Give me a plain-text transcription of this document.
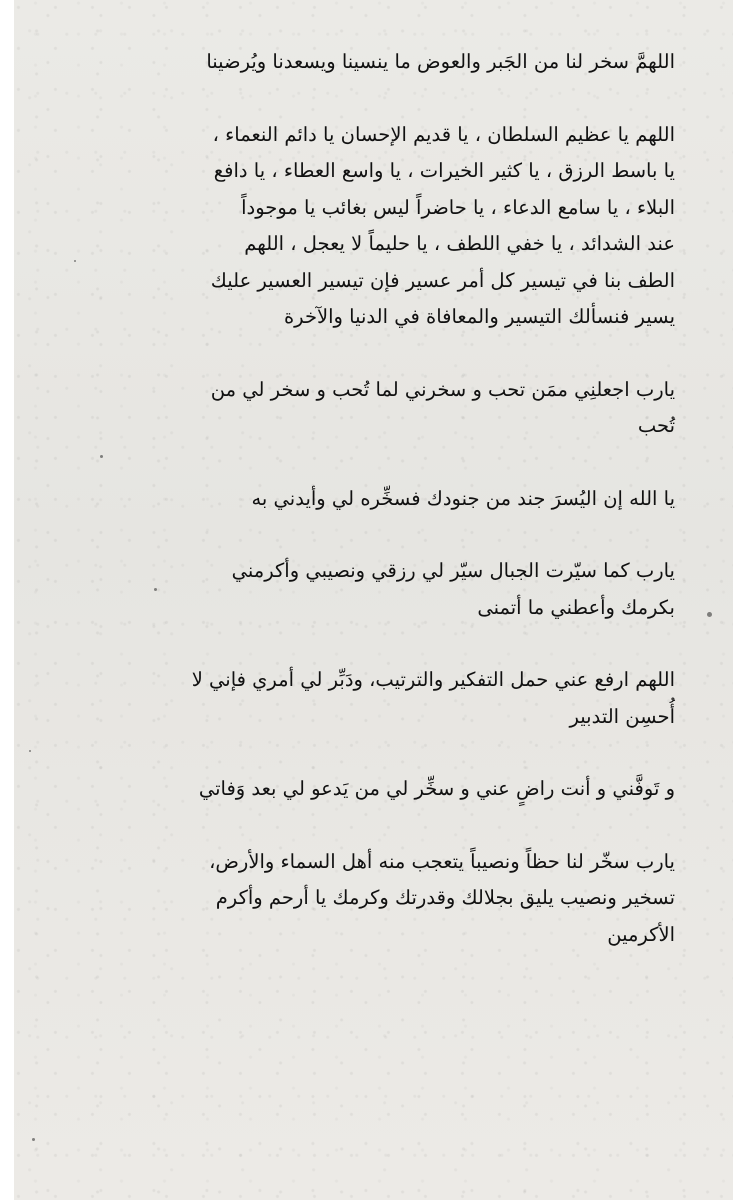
اللهمَّ سخر لنا من الجَبر والعوض ما ينسينا ويسعدنا ويُرضينا
اللهم يا عظيم السلطان ، يا قديم الإحسان يا دائم النعماء ،
يا باسط الرزق ، يا كثير الخيرات ، يا واسع العطاء ، يا دافع
البلاء ، يا سامع الدعاء ، يا حاضراً ليس بغائب يا موجوداً
عند الشدائد ، يا خفي اللطف ، يا حليماً لا يعجل ، اللهم
الطف بنا في تيسير كل أمر عسير فإن تيسير العسير عليك
يسير فنسألك التيسير والمعافاة في الدنيا والآخرة
يارب اجعلنِي ممَن تحب و سخرني لما تُحب و سخر لي من
تُحب
يا الله إن اليُسرَ جند من جنودك فسخِّره لي وأيدني به
يارب كما سيّرت الجبال سيّر لي رزقي ونصيبي وأكرمني
بكرمك وأعطني ما أتمنى
اللهم ارفع عني حمل التفكير والترتيب، ودَبِّر لي أمري فإني لا
أُحسِن التدبير
و تَوفَّني و أنت راضٍ عني و سخِّر لي من يَدعو لي بعد وَفاتي
يارب سخّر لنا حظاً ونصيباً يتعجب منه أهل السماء والأرض،
تسخير ونصيب يليق بجلالك وقدرتك وكرمك يا أرحم وأكرم
الأكرمين
